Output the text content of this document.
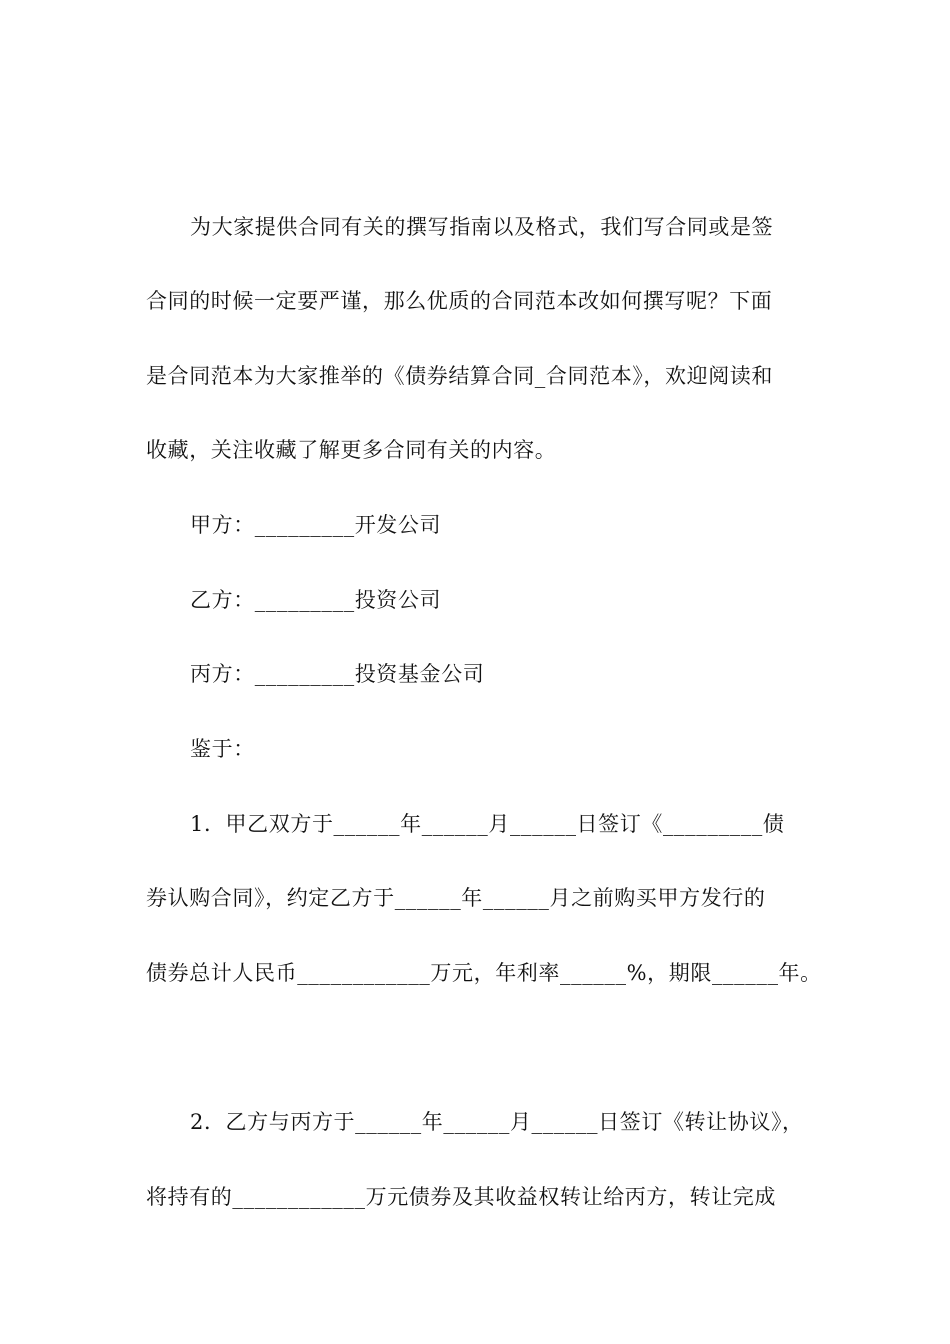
为大家提供合同有关的撰写指南以及格式，我们写合同或是签
合同的时候一定要严谨，那么优质的合同范本改如何撰写呢？下面
是合同范本为大家推举的《债券结算合同_合同范本》，欢迎阅读和
收藏，关注收藏了解更多合同有关的内容。
甲方：_________开发公司
乙方：_________投资公司
丙方：_________投资基金公司
鉴于：
1．甲乙双方于______年______月______日签订《_________债
券认购合同》，约定乙方于______年______月之前购买甲方发行的
债券总计人民币____________万元，年利率______%，期限______年。
2．乙方与丙方于______年______月______日签订《转让协议》，
将持有的____________万元债券及其收益权转让给丙方，转让完成
